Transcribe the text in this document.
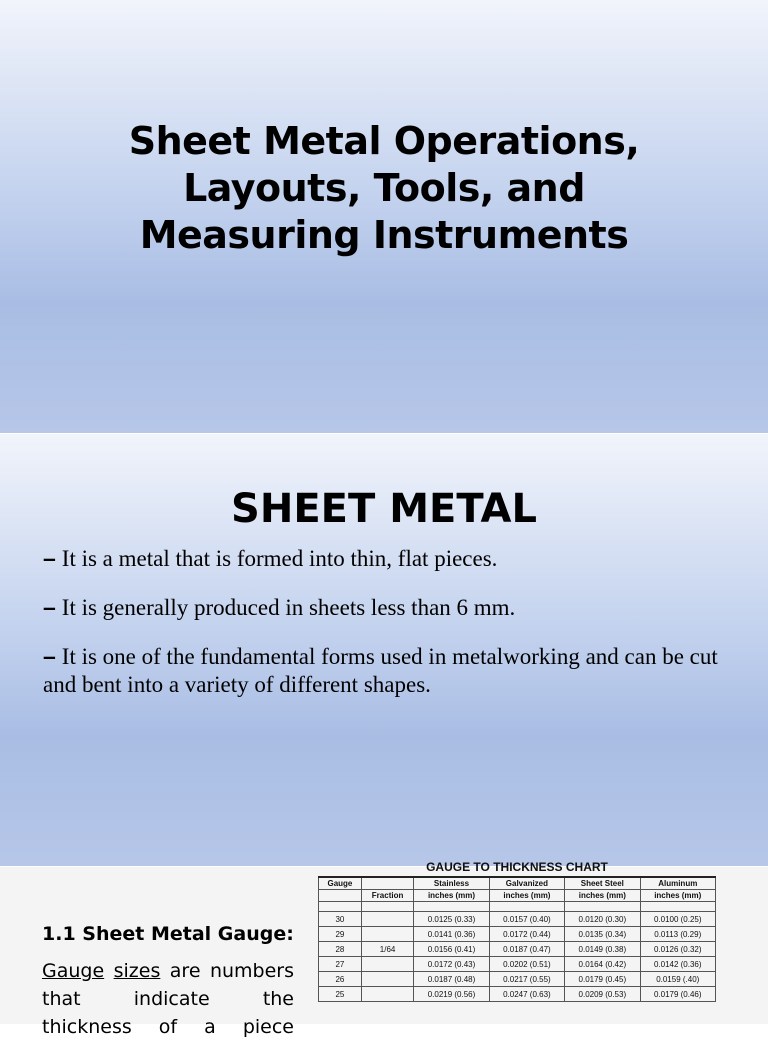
Sheet Metal Operations,
Layouts, Tools, and
Measuring Instruments
SHEET METAL
– It is a metal that is formed into thin, flat pieces.
– It is generally produced in sheets less than 6 mm.
– It is one of the fundamental forms used in metalworking and can be cut and bent into a variety of different shapes.
1.1 Sheet Metal Gauge:
Gauge sizes are numbers that indicate the thickness of a piece
GAUGE TO THICKNESS CHART
Gauge		Stainless	Galvanized	Sheet Steel	Aluminum
	Fraction	inches (mm)	inches (mm)	inches (mm)	inches (mm)

30		0.0125 (0.33)	0.0157 (0.40)	0.0120 (0.30)	0.0100 (0.25)
29		0.0141 (0.36)	0.0172 (0.44)	0.0135 (0.34)	0.0113 (0.29)
28	1/64	0.0156 (0.41)	0.0187 (0.47)	0.0149 (0.38)	0.0126 (0.32)
27		0.0172 (0.43)	0.0202 (0.51)	0.0164 (0.42)	0.0142 (0.36)
26		0.0187 (0.48)	0.0217 (0.55)	0.0179 (0.45)	0.0159 (.40)
25		0.0219 (0.56)	0.0247 (0.63)	0.0209 (0.53)	0.0179 (0.46)
